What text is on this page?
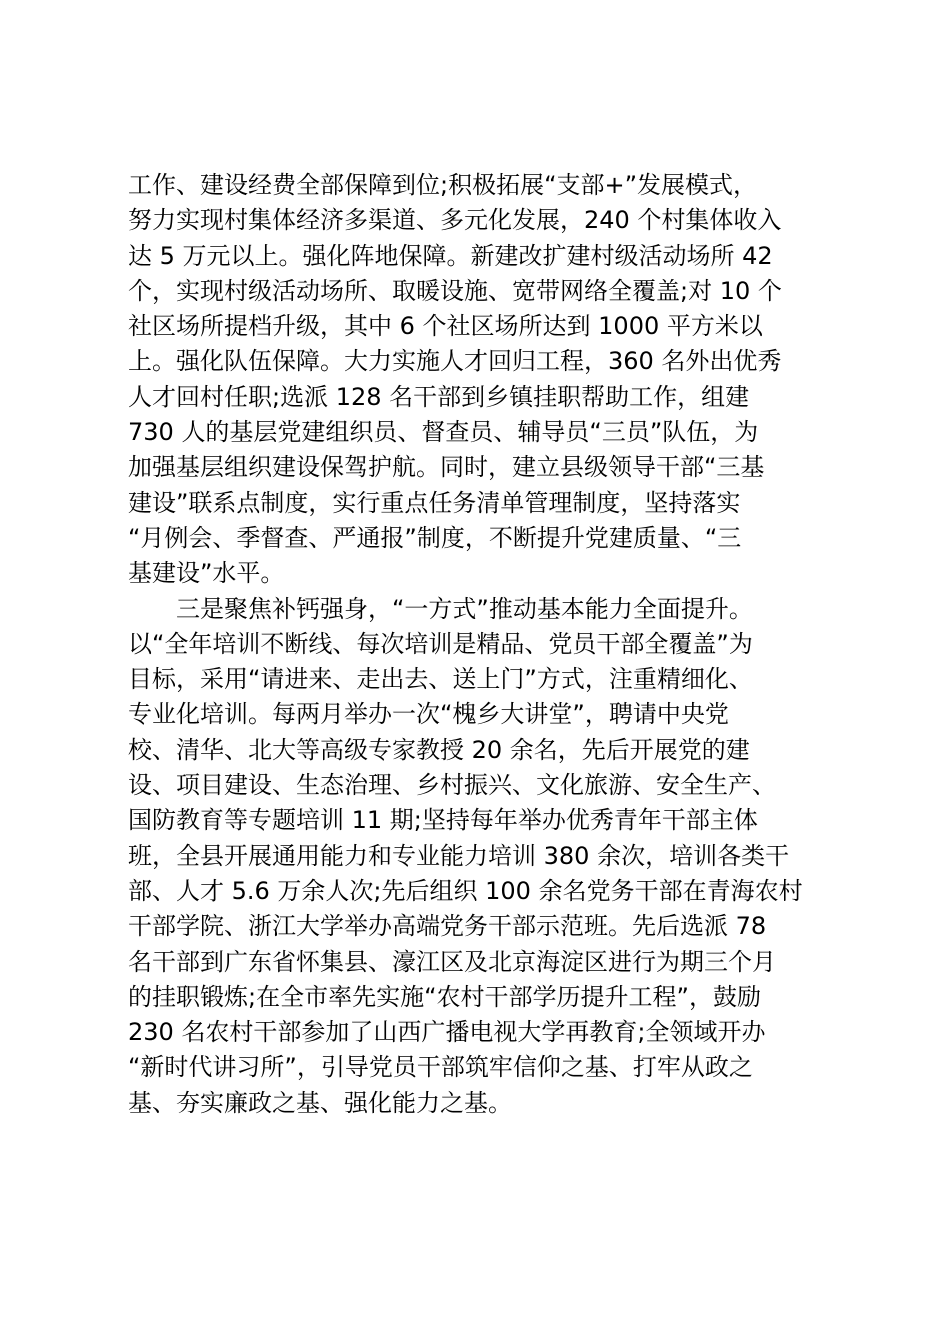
工作、建设经费全部保障到位;积极拓展“支部+”发展模式，
努力实现村集体经济多渠道、多元化发展，240 个村集体收入
达 5 万元以上。强化阵地保障。新建改扩建村级活动场所 42
个，实现村级活动场所、取暖设施、宽带网络全覆盖;对 10 个
社区场所提档升级，其中 6 个社区场所达到 1000 平方米以
上。强化队伍保障。大力实施人才回归工程，360 名外出优秀
人才回村任职;选派 128 名干部到乡镇挂职帮助工作，组建
730 人的基层党建组织员、督查员、辅导员“三员”队伍，为
加强基层组织建设保驾护航。同时，建立县级领导干部“三基
建设”联系点制度，实行重点任务清单管理制度，坚持落实
“月例会、季督查、严通报”制度，不断提升党建质量、“三
基建设”水平。
三是聚焦补钙强身，“一方式”推动基本能力全面提升。
以“全年培训不断线、每次培训是精品、党员干部全覆盖”为
目标，采用“请进来、走出去、送上门”方式，注重精细化、
专业化培训。每两月举办一次“槐乡大讲堂”，聘请中央党
校、清华、北大等高级专家教授 20 余名，先后开展党的建
设、项目建设、生态治理、乡村振兴、文化旅游、安全生产、
国防教育等专题培训 11 期;坚持每年举办优秀青年干部主体
班，全县开展通用能力和专业能力培训 380 余次，培训各类干
部、人才 5.6 万余人次;先后组织 100 余名党务干部在青海农村
干部学院、浙江大学举办高端党务干部示范班。先后选派 78
名干部到广东省怀集县、濠江区及北京海淀区进行为期三个月
的挂职锻炼;在全市率先实施“农村干部学历提升工程”，鼓励
230 名农村干部参加了山西广播电视大学再教育;全领域开办
“新时代讲习所”，引导党员干部筑牢信仰之基、打牢从政之
基、夯实廉政之基、强化能力之基。
